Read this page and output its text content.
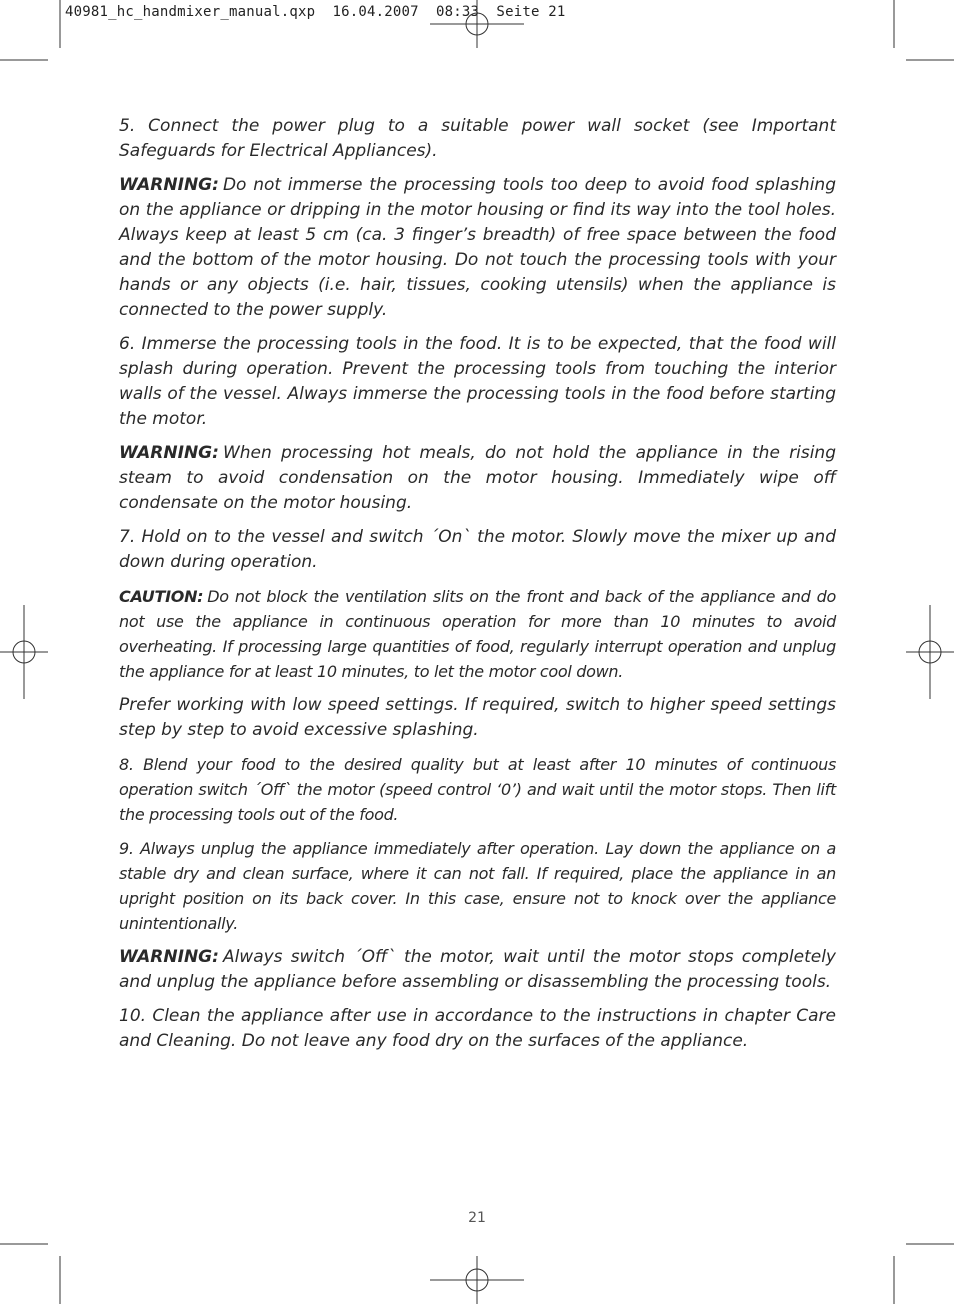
40981_hc_handmixer_manual.qxp  16.04.2007  08:33  Seite 21

5. Connect the power plug to a suitable power wall socket (see Important Safeguards for Electrical Appliances).

WARNING: Do not immerse the processing tools too deep to avoid food splashing on the appliance or dripping in the motor housing or find its way into the tool holes. Always keep at least 5 cm (ca. 3 finger’s breadth) of free space between the food and the bottom of the motor housing. Do not touch the processing tools with your hands or any objects (i.e. hair, tissues, cooking utensils) when the appliance is connected to the power supply.

6. Immerse the processing tools in the food. It is to be expected, that the food will splash during operation. Prevent the processing tools from touching the interior walls of the vessel. Always immerse the processing tools in the food before starting the motor.

WARNING: When processing hot meals, do not hold the appliance in the rising steam to avoid condensation on the motor housing. Immediately wipe off condensate on the motor housing.

7. Hold on to the vessel and switch ´On` the motor. Slowly move the mixer up and down during operation.

CAUTION: Do not block the ventilation slits on the front and back of the appliance and do not use the appliance in continuous operation for more than 10 minutes to avoid overheating. If processing large quantities of food, regularly interrupt operation and unplug the appliance for at least 10 minutes, to let the motor cool down.

Prefer working with low speed settings. If required, switch to higher speed settings step by step to avoid excessive splashing.

8. Blend your food to the desired quality but at least after 10 minutes of continuous operation switch ´Off` the motor (speed control ‘0’) and wait until the motor stops. Then lift the processing tools out of the food.

9. Always unplug the appliance immediately after operation. Lay down the appliance on a stable dry and clean surface, where it can not fall. If required, place the appliance in an upright position on its back cover. In this case, ensure not to knock over the appliance unintentionally.

WARNING: Always switch ´Off` the motor, wait until the motor stops completely and unplug the appliance before assembling or disassembling the processing tools.

10. Clean the appliance after use in accordance to the instructions in chapter Care and Cleaning. Do not leave any food dry on the surfaces of the appliance.

21
